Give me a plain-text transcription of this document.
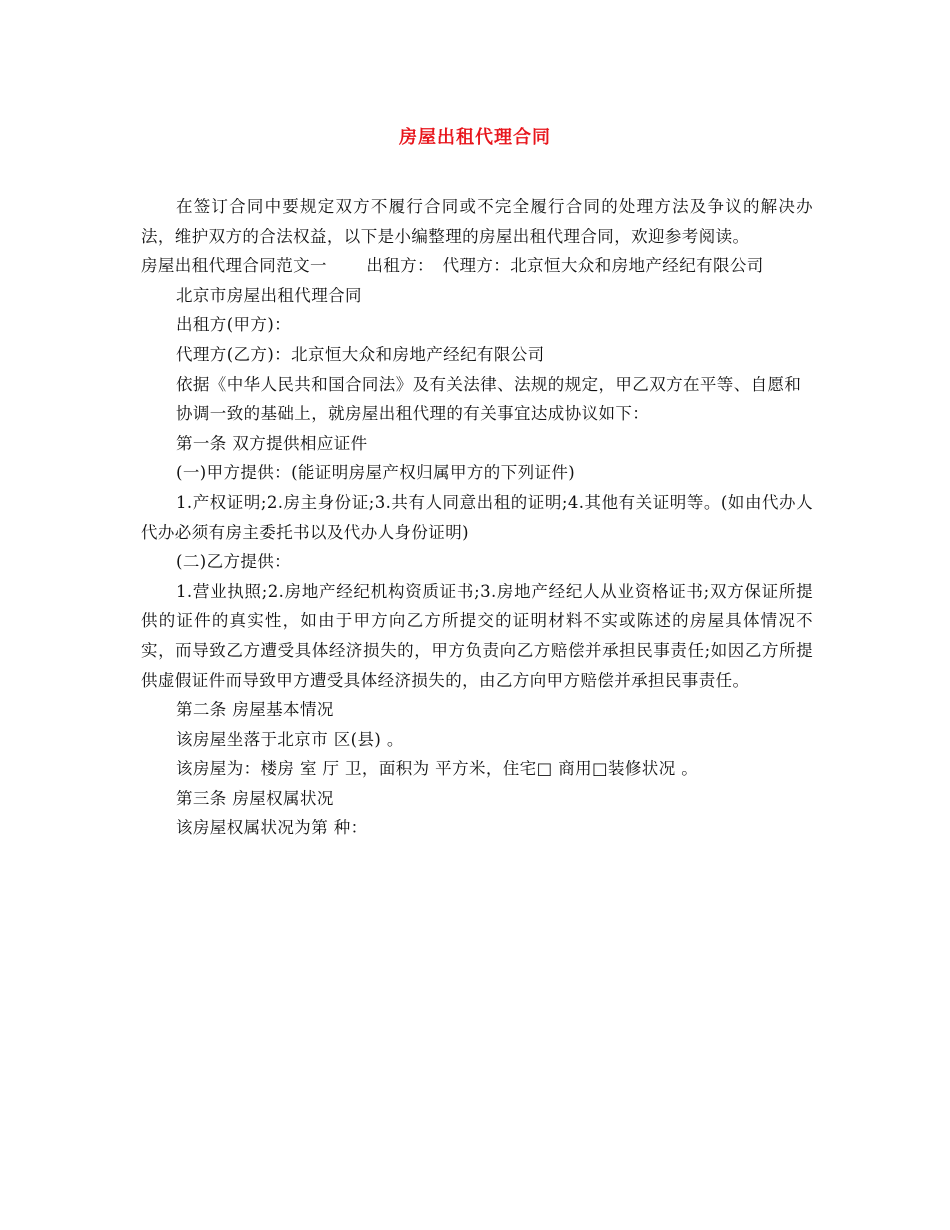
房屋出租代理合同

在签订合同中要规定双方不履行合同或不完全履行合同的处理方法及争议的解决办法，维护双方的合法权益，以下是小编整理的房屋出租代理合同，欢迎参考阅读。

房屋出租代理合同范文一　　 出租方：　代理方：北京恒大众和房地产经纪有限公司

北京市房屋出租代理合同

出租方(甲方)：

代理方(乙方)：北京恒大众和房地产经纪有限公司

依据《中华人民共和国合同法》及有关法律、法规的规定，甲乙双方在平等、自愿和

协调一致的基础上，就房屋出租代理的有关事宜达成协议如下：

第一条 双方提供相应证件

(一)甲方提供：(能证明房屋产权归属甲方的下列证件)

1.产权证明;2.房主身份证;3.共有人同意出租的证明;4.其他有关证明等。(如由代办人代办必须有房主委托书以及代办人身份证明)

(二)乙方提供：

1.营业执照;2.房地产经纪机构资质证书;3.房地产经纪人从业资格证书;双方保证所提供的证件的真实性，如由于甲方向乙方所提交的证明材料不实或陈述的房屋具体情况不实，而导致乙方遭受具体经济损失的，甲方负责向乙方赔偿并承担民事责任;如因乙方所提供虚假证件而导致甲方遭受具体经济损失的，由乙方向甲方赔偿并承担民事责任。

第二条 房屋基本情况

该房屋坐落于北京市 区(县) 。

该房屋为：楼房 室 厅 卫，面积为 平方米，住宅□ 商用□装修状况 。

第三条 房屋权属状况

该房屋权属状况为第 种：
